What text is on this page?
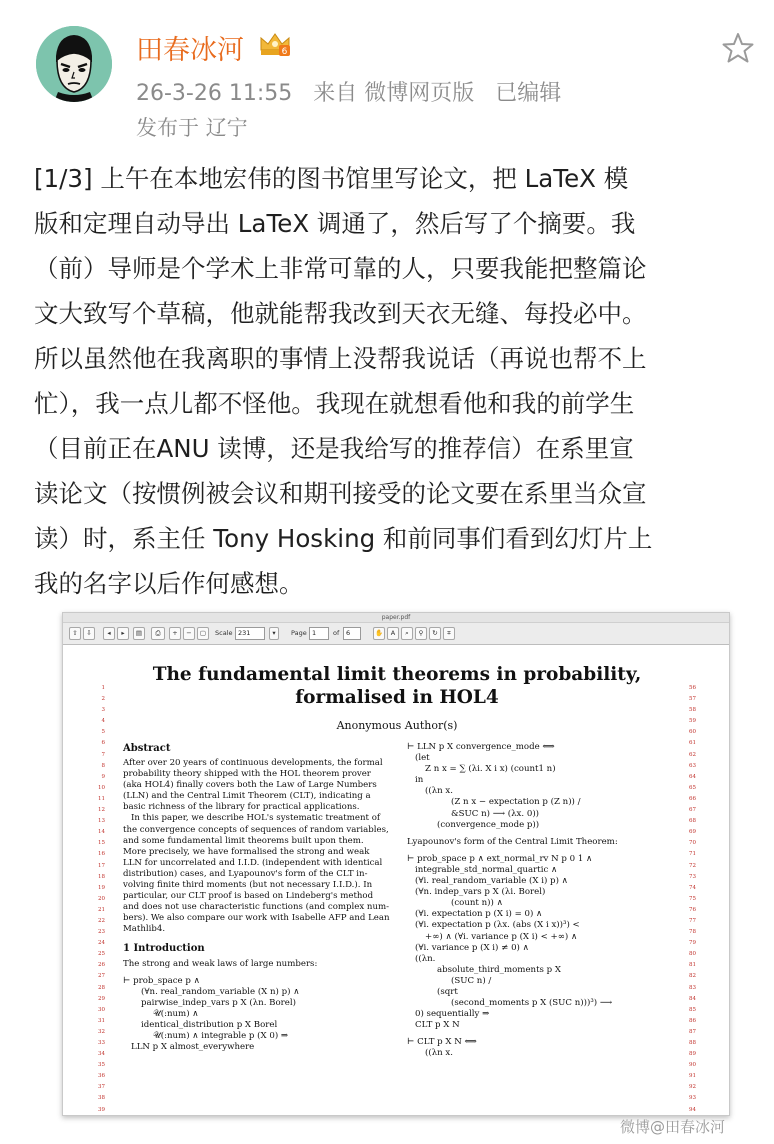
田春冰河	6
26-3-26 11:55 来自 微博网页版 已编辑
发布于 辽宁
[1/3] 上午在本地宏伟的图书馆里写论文，把 LaTeX 模
版和定理自动导出 LaTeX 调通了，然后写了个摘要。我
（前）导师是个学术上非常可靠的人，只要我能把整篇论
文大致写个草稿，他就能帮我改到天衣无缝、每投必中。
所以虽然他在我离职的事情上没帮我说话（再说也帮不上
忙），我一点儿都不怪他。我现在就想看他和我的前学生
（目前正在ANU 读博，还是我给写的推荐信）在系里宣
读论文（按惯例被会议和期刊接受的论文要在系里当众宣
读）时，系主任 Tony Hosking 和前同事们看到幻灯片上
我的名字以后作何感想。
paper.pdf
⇧	⇩	◂	▸	▤	⎙	+	−	▢	Scale 231	▾	Page 1	of	6	✋	A	⌕	⚲	↻	⌗
1
2
3
4
5
6
7
8
9
10
11
12
13
14
15
16
17
18
19
20
21
22
23
24
25
26
27
28
29
30
31
32
33
34
35
36
37
38
39
56
57
58
59
60
61
62
63
64
65
66
67
68
69
70
71
72
73
74
75
76
77
78
79
80
81
82
83
84
85
86
87
88
89
90
91
92
93
94
The fundamental limit theorems in probability,
formalised in HOL4
Anonymous Author(s)
Abstract
After over 20 years of continuous developments, the formal
probability theory shipped with the HOL theorem prover
(aka HOL4) finally covers both the Law of Large Numbers
(LLN) and the Central Limit Theorem (CLT), indicating a
basic richness of the library for practical applications.
In this paper, we describe HOL's systematic treatment of
the convergence concepts of sequences of random variables,
and some fundamental limit theorems built upon them.
More precisely, we have formalised the strong and weak
LLN for uncorrelated and I.I.D. (independent with identical
distribution) cases, and Lyapounov's form of the CLT in-
volving finite third moments (but not necessary I.I.D.). In
particular, our CLT proof is based on Lindeberg's method
and does not use characteristic functions (and complex num-
bers). We also compare our work with Isabelle AFP and Lean
Mathlib4.
1 Introduction
The strong and weak laws of large numbers:
⊢ prob_space p ∧
(∀n. real_random_variable (X n) p) ∧
pairwise_indep_vars p X (λn. Borel)
𝒰(:num) ∧
identical_distribution p X Borel
𝒰(:num) ∧ integrable p (X 0) ⇒
LLN p X almost_everywhere
⊢ LLN p X convergence_mode ⟺
(let
Z n x = ∑ (λi. X i x) (count1 n)
in
((λn x.
(Z n x − expectation p (Z n)) /
&SUC n) ⟶ (λx. 0))
(convergence_mode p))
Lyapounov's form of the Central Limit Theorem:
⊢ prob_space p ∧ ext_normal_rv N p 0 1 ∧
integrable_std_normal_quartic ∧
(∀i. real_random_variable (X i) p) ∧
(∀n. indep_vars p X (λi. Borel)
(count n)) ∧
(∀i. expectation p (X i) = 0) ∧
(∀i. expectation p (λx. (abs (X i x))³) <
+∞) ∧ (∀i. variance p (X i) < +∞) ∧
(∀i. variance p (X i) ≠ 0) ∧
((λn.
absolute_third_moments p X
(SUC n) /
(sqrt
(second_moments p X (SUC n)))³) ⟶
0) sequentially ⇒
CLT p X N
⊢ CLT p X N ⟺
((λn x.
微博@田春冰河
